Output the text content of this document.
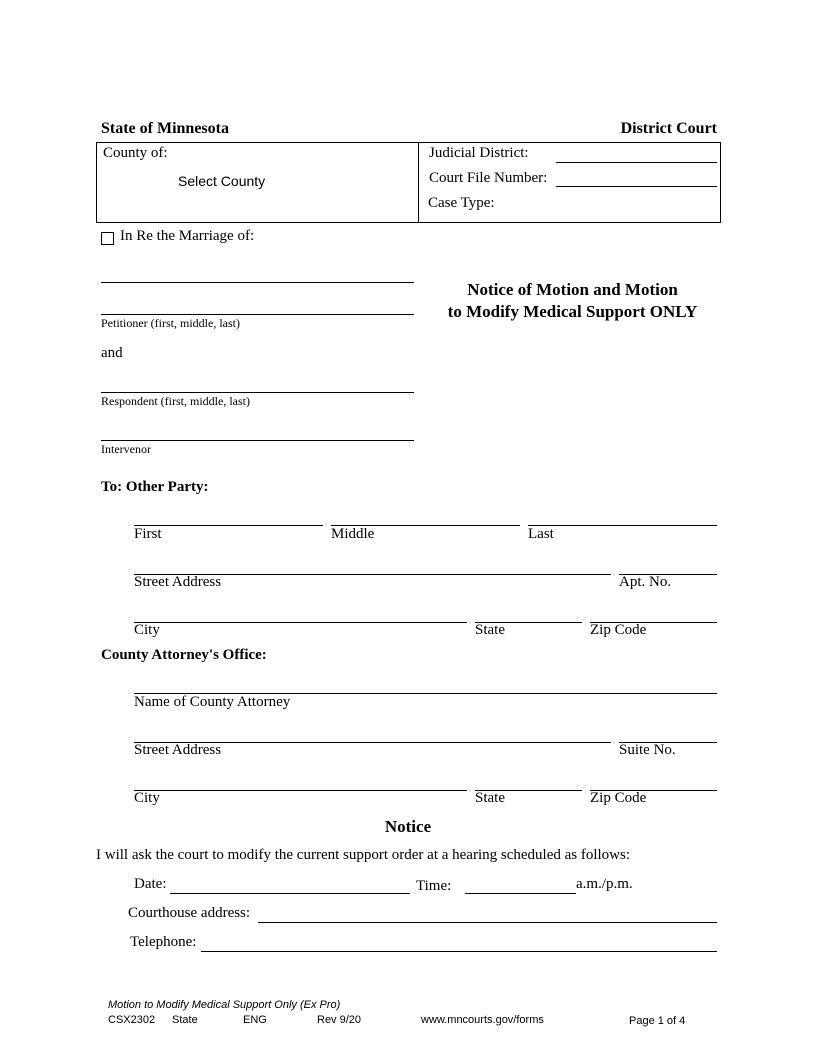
State of Minnesota	District Court
County of:
Select County
Judicial District:
Court File Number:
Case Type:
In Re the Marriage of:
Petitioner (first, middle, last)
and
Respondent (first, middle, last)
Intervenor
Notice of Motion and Motion
to Modify Medical Support ONLY
To: Other Party:
First	Middle	Last
Street Address	Apt. No.
City	State	Zip Code
County Attorney's Office:
Name of County Attorney
Street Address	Suite No.
City	State	Zip Code
Notice
I will ask the court to modify the current support order at a hearing scheduled as follows:
Date:	Time:	a.m./p.m.
Courthouse address:
Telephone:
Motion to Modify Medical Support Only (Ex Pro)
CSX2302 State	ENG	Rev 9/20	www.mncourts.gov/forms	Page 1 of 4
